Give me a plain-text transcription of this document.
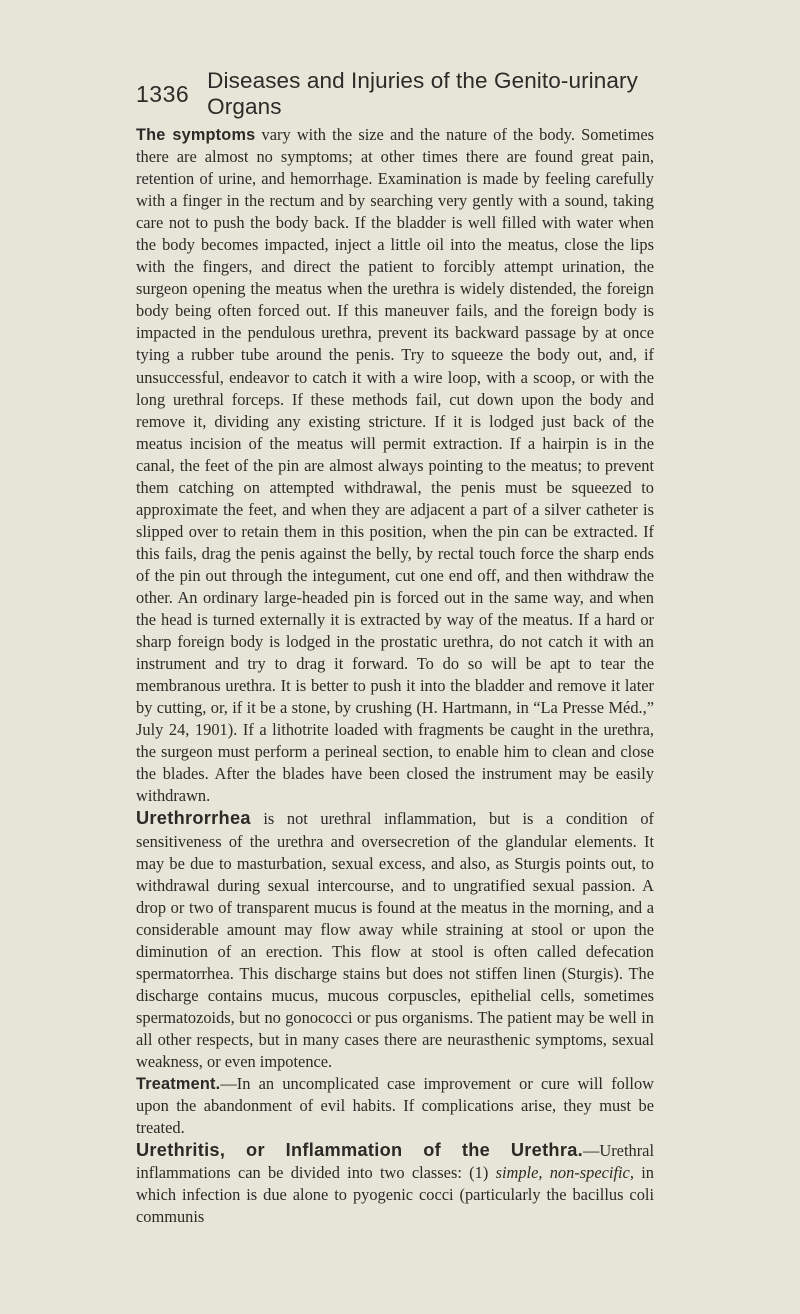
1336 Diseases and Injuries of the Genito-urinary Organs

The symptoms vary with the size and the nature of the body. Sometimes there are almost no symptoms; at other times there are found great pain, retention of urine, and hemorrhage. Examination is made by feeling carefully with a finger in the rectum and by searching very gently with a sound, taking care not to push the body back. If the bladder is well filled with water when the body becomes impacted, inject a little oil into the meatus, close the lips with the fingers, and direct the patient to forcibly attempt urination, the surgeon opening the meatus when the urethra is widely distended, the foreign body being often forced out. If this maneuver fails, and the foreign body is impacted in the pendulous urethra, prevent its backward passage by at once tying a rubber tube around the penis. Try to squeeze the body out, and, if unsuccessful, endeavor to catch it with a wire loop, with a scoop, or with the long urethral forceps. If these methods fail, cut down upon the body and remove it, dividing any existing stricture. If it is lodged just back of the meatus incision of the meatus will permit extraction. If a hairpin is in the canal, the feet of the pin are almost always pointing to the meatus; to prevent them catching on attempted withdrawal, the penis must be squeezed to approximate the feet, and when they are adjacent a part of a silver catheter is slipped over to retain them in this position, when the pin can be extracted. If this fails, drag the penis against the belly, by rectal touch force the sharp ends of the pin out through the integument, cut one end off, and then withdraw the other. An ordinary large-headed pin is forced out in the same way, and when the head is turned externally it is extracted by way of the meatus. If a hard or sharp foreign body is lodged in the prostatic urethra, do not catch it with an instrument and try to drag it forward. To do so will be apt to tear the membranous urethra. It is better to push it into the bladder and remove it later by cutting, or, if it be a stone, by crushing (H. Hartmann, in “La Presse Méd.,” July 24, 1901). If a lithotrite loaded with fragments be caught in the urethra, the surgeon must perform a perineal section, to enable him to clean and close the blades. After the blades have been closed the instrument may be easily withdrawn.

Urethrorrhea is not urethral inflammation, but is a condition of sensitiveness of the urethra and oversecretion of the glandular elements. It may be due to masturbation, sexual excess, and also, as Sturgis points out, to withdrawal during sexual intercourse, and to ungratified sexual passion. A drop or two of transparent mucus is found at the meatus in the morning, and a considerable amount may flow away while straining at stool or upon the diminution of an erection. This flow at stool is often called defecation spermatorrhea. This discharge stains but does not stiffen linen (Sturgis). The discharge contains mucus, mucous corpuscles, epithelial cells, sometimes spermatozoids, but no gonococci or pus organisms. The patient may be well in all other respects, but in many cases there are neurasthenic symptoms, sexual weakness, or even impotence.

Treatment.—In an uncomplicated case improvement or cure will follow upon the abandonment of evil habits. If complications arise, they must be treated.

Urethritis, or Inflammation of the Urethra.—Urethral inflammations can be divided into two classes: (1) simple, non-specific, in which infection is due alone to pyogenic cocci (particularly the bacillus coli communis
